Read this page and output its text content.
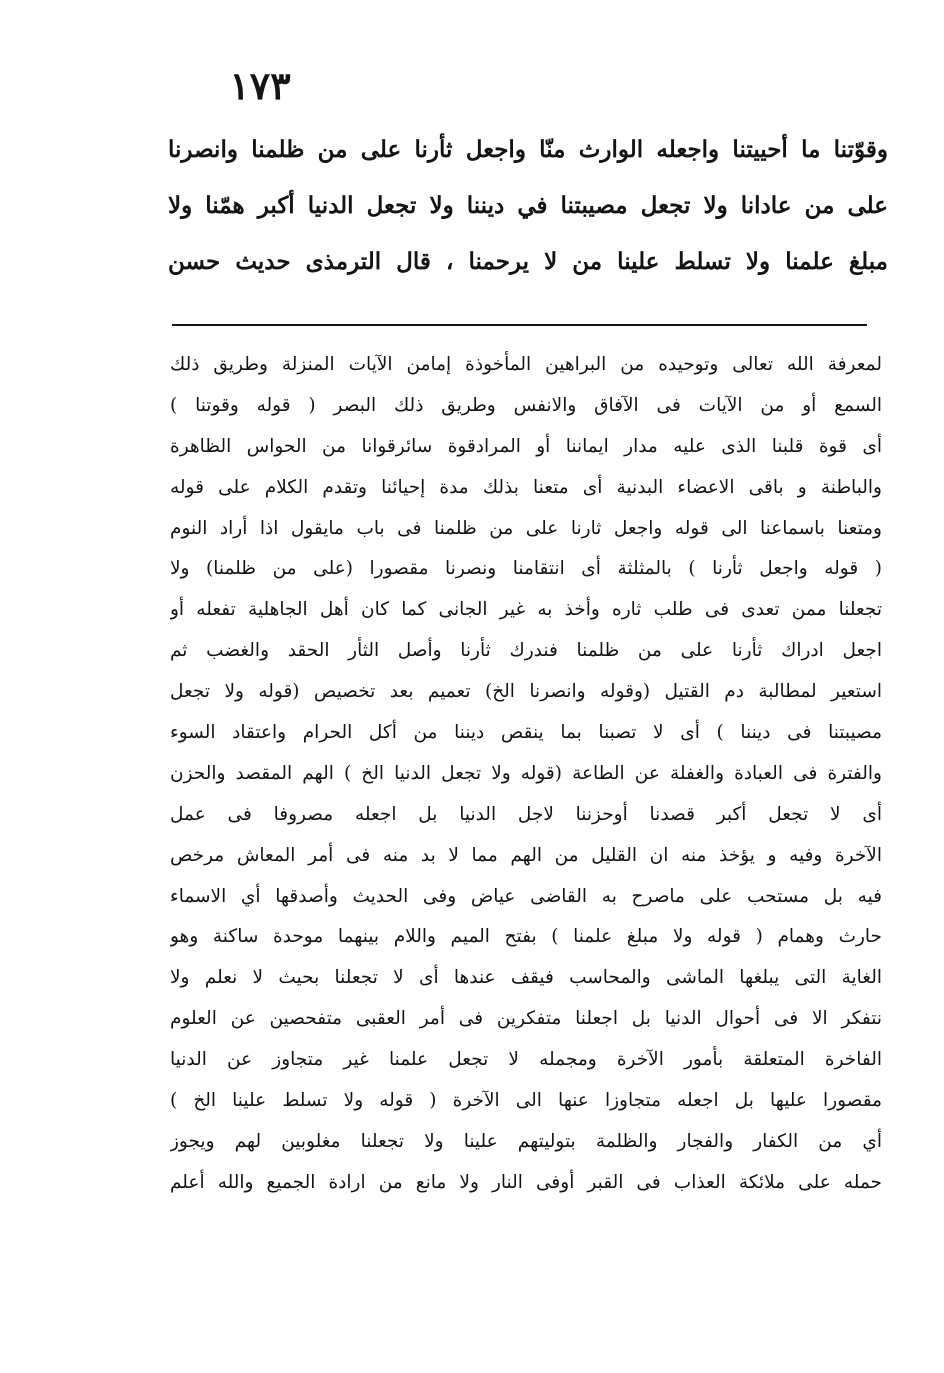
١٧٣
وقوّتنا ما أحييتنا واجعله الوارث منّا واجعل ثأرنا على من ظلمنا وانصرنا
على من عادانا ولا تجعل مصيبتنا في ديننا ولا تجعل الدنيا أكبر همّنا ولا
مبلغ علمنا ولا تسلط علينا من لا يرحمنا ، قال الترمذى حديث حسن
لمعرفة الله تعالى وتوحيده من البراهين المأخوذة إمامن الآيات المنزلة وطريق ذلك
السمع أو من الآيات فى الآفاق والانفس وطريق ذلك البصر ( قوله وقوتنا )
أى قوة قلبنا الذى عليه مدار ايماننا أو المرادقوة سائرقوانا من الحواس الظاهرة
والباطنة و باقى الاعضاء البدنية أى متعنا بذلك مدة إحيائنا وتقدم الكلام على قوله
ومتعنا باسماعنا الى قوله واجعل ثارنا على من ظلمنا فى باب مايقول اذا أراد النوم
( قوله واجعل ثأرنا ) بالمثلثة أى انتقامنا ونصرنا مقصورا (على من ظلمنا) ولا
تجعلنا ممن تعدى فى طلب ثاره وأخذ به غير الجانى كما كان أهل الجاهلية تفعله أو
اجعل ادراك ثأرنا على من ظلمنا فندرك ثأرنا وأصل الثأر الحقد والغضب ثم
استعير لمطالبة دم القتيل (وقوله وانصرنا الخ) تعميم بعد تخصيص (قوله ولا تجعل
مصيبتنا فى ديننا ) أى لا تصبنا بما ينقص ديننا من أكل الحرام واعتقاد السوء
والفترة فى العبادة والغفلة عن الطاعة (قوله ولا تجعل الدنيا الخ ) الهم المقصد والحزن
أى لا تجعل أكبر قصدنا أوحزننا لاجل الدنيا بل اجعله مصروفا فى عمل
الآخرة وفيه و يؤخذ منه ان القليل من الهم مما لا بد منه فى أمر المعاش مرخص
فيه بل مستحب على ماصرح به القاضى عياض وفى الحديث وأصدقها أي الاسماء
حارث وهمام ( قوله ولا مبلغ علمنا ) بفتح الميم واللام بينهما موحدة ساكنة وهو
الغاية التى يبلغها الماشى والمحاسب فيقف عندها أى لا تجعلنا بحيث لا نعلم ولا
نتفكر الا فى أحوال الدنيا بل اجعلنا متفكرين فى أمر العقبى متفحصين عن العلوم
الفاخرة المتعلقة بأمور الآخرة ومجمله لا تجعل علمنا غير متجاوز عن الدنيا
مقصورا عليها بل اجعله متجاوزا عنها الى الآخرة ( قوله ولا تسلط علينا الخ )
أي من الكفار والفجار والظلمة بتوليتهم علينا ولا تجعلنا مغلوبين لهم ويجوز
حمله على ملائكة العذاب فى القبر أوفى النار ولا مانع من ارادة الجميع والله أعلم
